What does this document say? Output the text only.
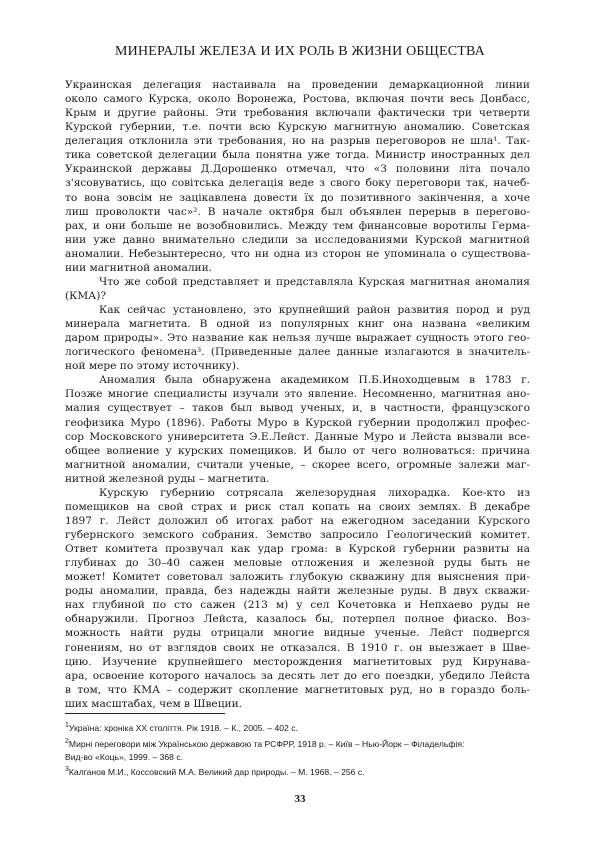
МИНЕРАЛЫ ЖЕЛЕЗА И ИХ РОЛЬ В ЖИЗНИ ОБЩЕСТВА
Украинская делегация настаивала на проведении демаркационной линии
около самого Курска, около Воронежа, Ростова, включая почти весь Донбасс,
Крым и другие районы. Эти требования включали фактически три четверти
Курской губернии, т.е. почти всю Курскую магнитную аномалию. Советская
делегация отклонила эти требования, но на разрыв переговоров не шла¹. Так-
тика советской делегации была понятна уже тогда. Министр иностранных дел
Украинской державы Д.Дорошенко отмечал, что «З половини літа почало
з'ясовуватись, що совітська делегація веде з свого боку переговори так, начеб-
то вона зовсім не зацікавлена довести їх до позитивного закінчення, а хоче
лиш проволокти час»². В начале октября был объявлен перерыв в перегово-
рах, и они больше не возобновились. Между тем финансовые воротилы Герма-
нии уже давно внимательно следили за исследованиями Курской магнитной
аномалии. Небезынтересно, что ни одна из сторон не упоминала о существова-
нии магнитной аномалии.
Что же собой представляет и представляла Курская магнитная аномалия
(КМА)?
Как сейчас установлено, это крупнейший район развития пород и руд
минерала магнетита. В одной из популярных книг она названа «великим
даром природы». Это название как нельзя лучше выражает сущность этого гео-
логического феномена³. (Приведенные далее данные излагаются в значитель-
ной мере по этому источнику).
Аномалия была обнаружена академиком П.Б.Иноходцевым в 1783 г.
Позже многие специалисты изучали это явление. Несомненно, магнитная ано-
малия существует – таков был вывод ученых, и, в частности, французского
геофизика Муро (1896). Работы Муро в Курской губернии продолжил профес-
сор Московского университета Э.Е.Лейст. Данные Муро и Лейста вызвали все-
общее волнение у курских помещиков. И было от чего волноваться: причина
магнитной аномалии, считали ученые, – скорее всего, огромные залежи маг-
нитной железной руды – магнетита.
Курскую губернию сотрясала железорудная лихорадка. Кое-кто из
помещиков на свой страх и риск стал копать на своих землях. В декабре
1897 г. Лейст доложил об итогах работ на ежегодном заседании Курского
губернского земского собрания. Земство запросило Геологический комитет.
Ответ комитета прозвучал как удар грома: в Курской губернии развиты на
глубинах до 30–40 сажен меловые отложения и железной руды быть не
может! Комитет советовал заложить глубокую скважину для выяснения при-
роды аномалии, правда, без надежды найти железные руды. В двух скважи-
нах глубиной по сто сажен (213 м) у сел Кочетовка и Непхаево руды не
обнаружили. Прогноз Лейста, казалось бы, потерпел полное фиаско. Воз-
можность найти руды отрицали многие видные ученые. Лейст подвергся
гонениям, но от взглядов своих не отказался. В 1910 г. он выезжает в Шве-
цию. Изучение крупнейшего месторождения магнетитовых руд Кирунава-
ара, освоение которого началось за десять лет до его поездки, убедило Лейста
в том, что КМА – содержит скопление магнетитовых руд, но в гораздо боль-
ших масштабах, чем в Швеции.
$^1$Україна: хроніка XX століття. Рік 1918. – К., 2005. – 402 с.
$^2$Мирні переговори між Українською державою та РСФРР, 1918 р. – Київ – Нью-Йорк – Філадельфія:
Вид-во «Коць», 1999. – 368 с.
$^3$Калганов М.И., Коссовский М.А. Великий дар природы. – М. 1968. – 256 с.
33
